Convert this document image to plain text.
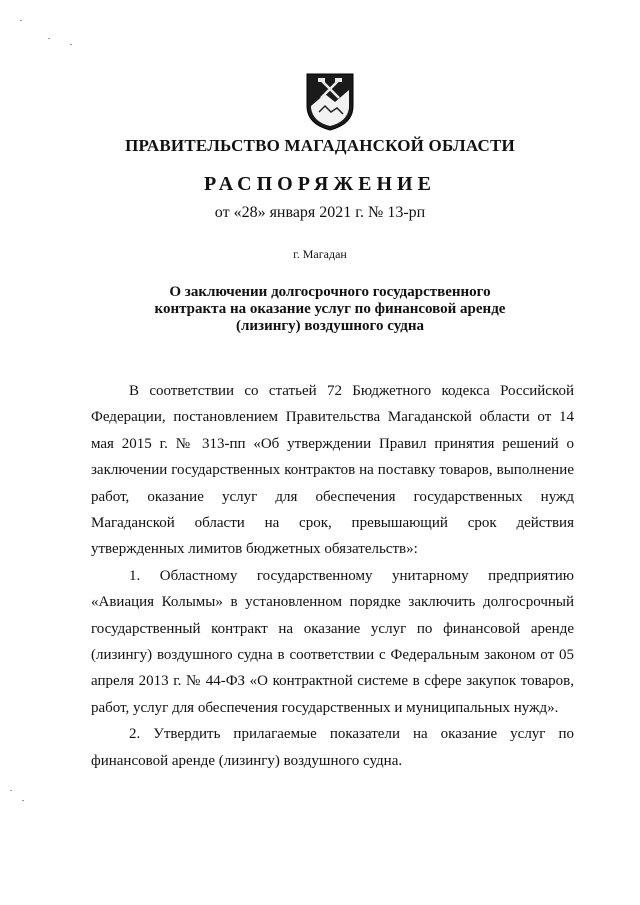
ПРАВИТЕЛЬСТВО МАГАДАНСКОЙ ОБЛАСТИ
РАСПОРЯЖЕНИЕ
от «28» января 2021 г. № 13-рп
г. Магадан
О заключении долгосрочного государственного контракта на оказание услуг по финансовой аренде (лизингу) воздушного судна

В соответствии со статьей 72 Бюджетного кодекса Российской Федерации, постановлением Правительства Магаданской области от 14 мая 2015 г. № 313-пп «Об утверждении Правил принятия решений о заключении государственных контрактов на поставку товаров, выполнение работ, оказание услуг для обеспечения государственных нужд Магаданской области на срок, превышающий срок действия утвержденных лимитов бюджетных обязательств»:

1. Областному государственному унитарному предприятию «Авиация Колымы» в установленном порядке заключить долгосрочный государственный контракт на оказание услуг по финансовой аренде (лизингу) воздушного судна в соответствии с Федеральным законом от 05 апреля 2013 г. № 44-ФЗ «О контрактной системе в сфере закупок товаров, работ, услуг для обеспечения государственных и муниципальных нужд».

2. Утвердить прилагаемые показатели на оказание услуг по финансовой аренде (лизингу) воздушного судна.
